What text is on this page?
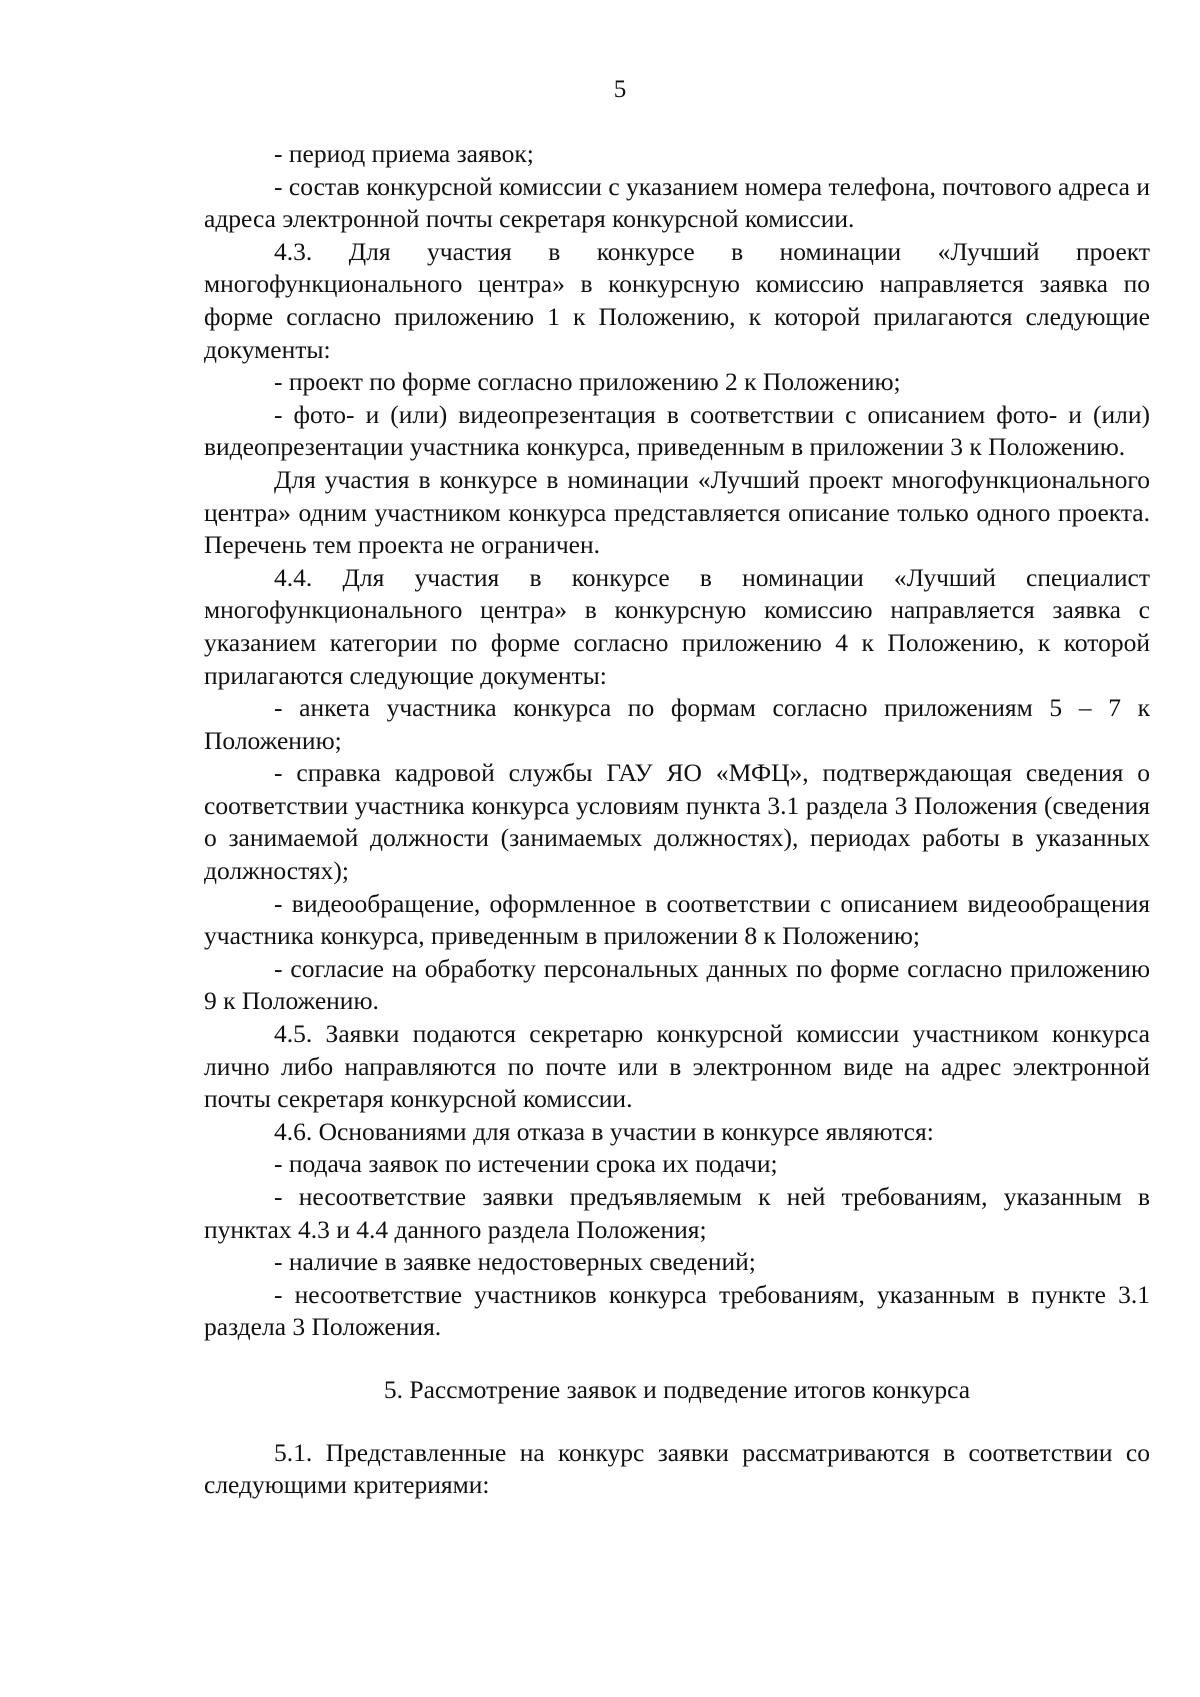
5

- период приема заявок;

- состав конкурсной комиссии с указанием номера телефона, почтового адреса и адреса электронной почты секретаря конкурсной комиссии.

4.3. Для участия в конкурсе в номинации «Лучший проект многофункционального центра» в конкурсную комиссию направляется заявка по форме согласно приложению 1 к Положению, к которой прилагаются следующие документы:

- проект по форме согласно приложению 2 к Положению;

- фото- и (или) видеопрезентация в соответствии с описанием фото- и (или) видеопрезентации участника конкурса, приведенным в приложении 3 к Положению.

Для участия в конкурсе в номинации «Лучший проект многофункционального центра» одним участником конкурса представляется описание только одного проекта. Перечень тем проекта не ограничен.

4.4. Для участия в конкурсе в номинации «Лучший специалист многофункционального центра» в конкурсную комиссию направляется заявка с указанием категории по форме согласно приложению 4 к Положению, к которой прилагаются следующие документы:

- анкета участника конкурса по формам согласно приложениям 5 – 7 к Положению;

- справка кадровой службы ГАУ ЯО «МФЦ», подтверждающая сведения о соответствии участника конкурса условиям пункта 3.1 раздела 3 Положения (сведения о занимаемой должности (занимаемых должностях), периодах работы в указанных должностях);

- видеообращение, оформленное в соответствии с описанием видеообращения участника конкурса, приведенным в приложении 8 к Положению;

- согласие на обработку персональных данных по форме согласно приложению 9 к Положению.

4.5. Заявки подаются секретарю конкурсной комиссии участником конкурса лично либо направляются по почте или в электронном виде на адрес электронной почты секретаря конкурсной комиссии.

4.6. Основаниями для отказа в участии в конкурсе являются:

- подача заявок по истечении срока их подачи;

- несоответствие заявки предъявляемым к ней требованиям, указанным в пунктах 4.3 и 4.4 данного раздела Положения;

- наличие в заявке недостоверных сведений;

- несоответствие участников конкурса требованиям, указанным в пункте 3.1 раздела 3 Положения.

5. Рассмотрение заявок и подведение итогов конкурса

5.1. Представленные на конкурс заявки рассматриваются в соответствии со следующими критериями:
